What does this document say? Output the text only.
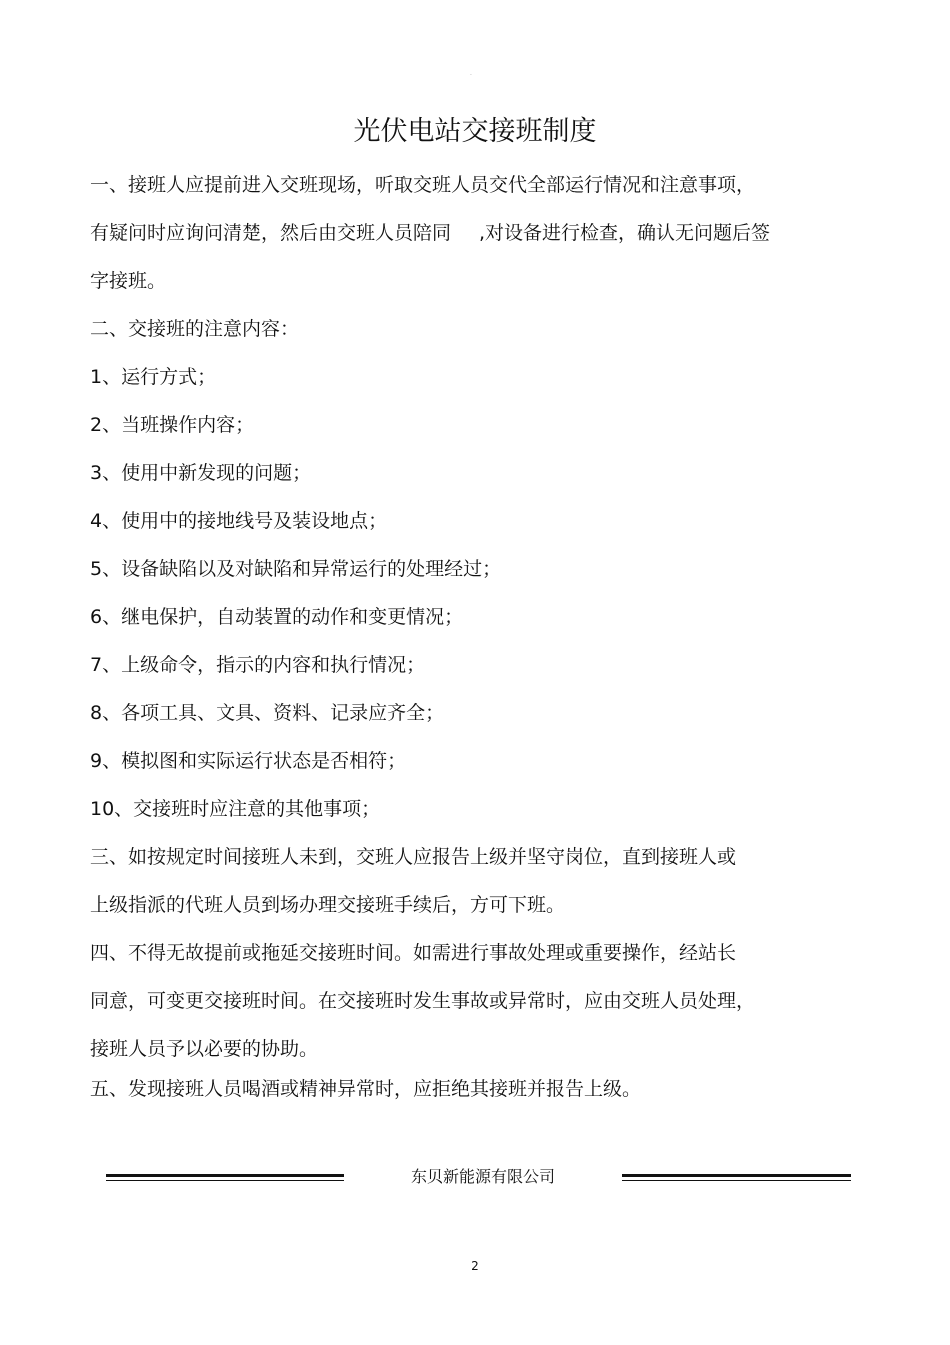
·
光伏电站交接班制度
一、接班人应提前进入交班现场，听取交班人员交代全部运行情况和注意事项，
有疑问时应询问清楚，然后由交班人员陪同 ,对设备进行检查，确认无问题后签
字接班。
二、交接班的注意内容：
1、运行方式；
2、当班操作内容；
3、使用中新发现的问题；
4、使用中的接地线号及装设地点；
5、设备缺陷以及对缺陷和异常运行的处理经过；
6、继电保护，自动装置的动作和变更情况；
7、上级命令，指示的内容和执行情况；
8、各项工具、文具、资料、记录应齐全；
9、模拟图和实际运行状态是否相符；
10、交接班时应注意的其他事项；
三、如按规定时间接班人未到，交班人应报告上级并坚守岗位，直到接班人或
上级指派的代班人员到场办理交接班手续后，方可下班。
四、不得无故提前或拖延交接班时间。如需进行事故处理或重要操作，经站长
同意，可变更交接班时间。在交接班时发生事故或异常时，应由交班人员处理，
接班人员予以必要的协助。
五、发现接班人员喝酒或精神异常时，应拒绝其接班并报告上级。
东贝新能源有限公司
2
